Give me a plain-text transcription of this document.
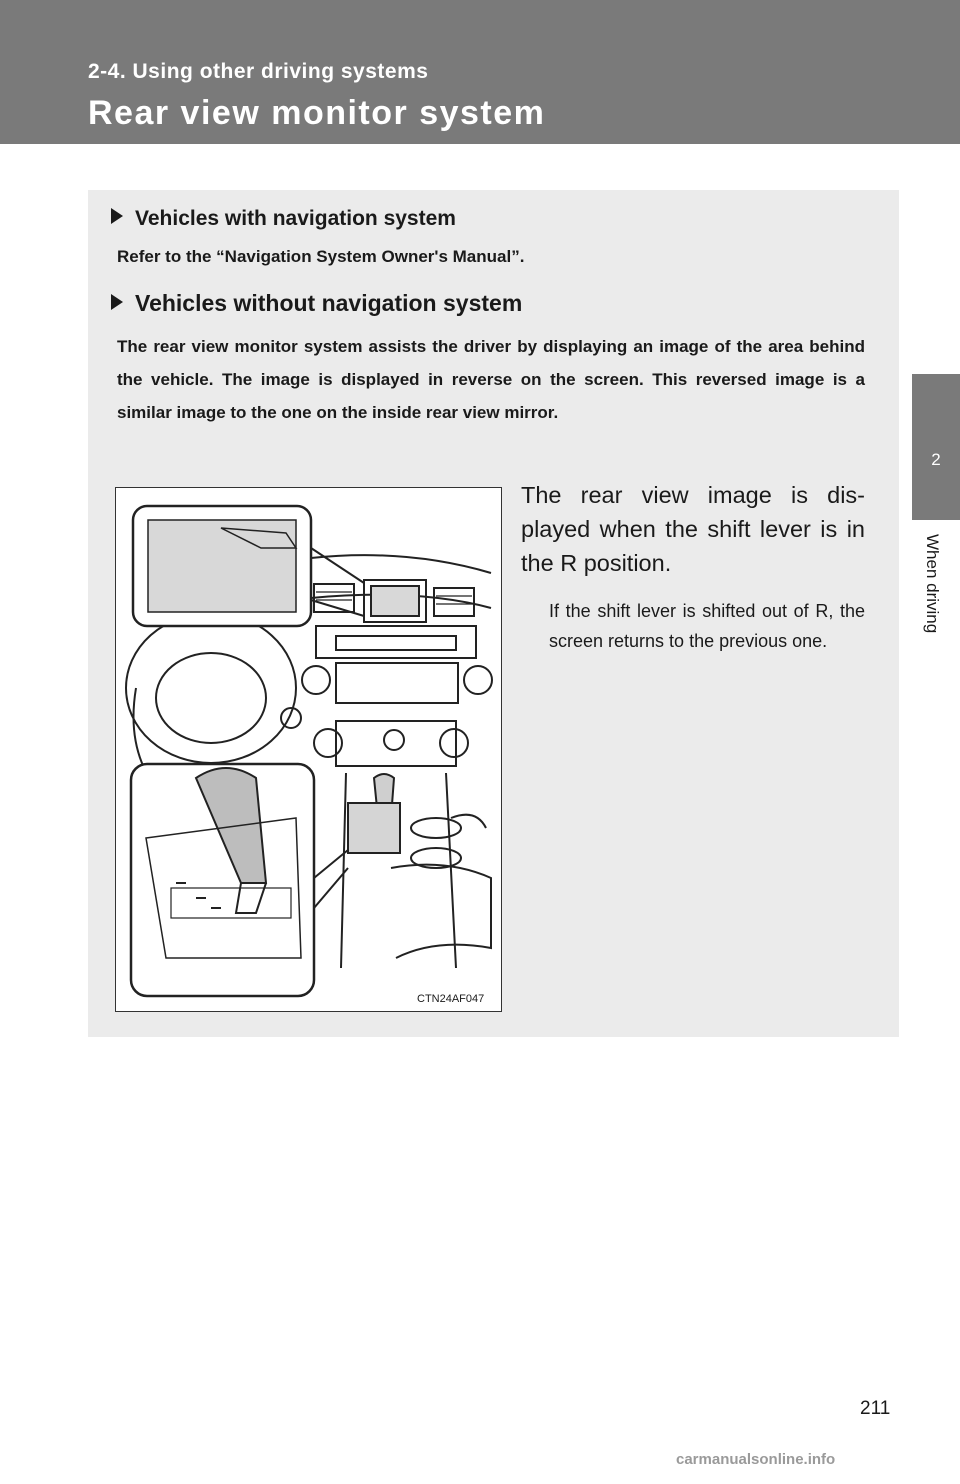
2-4. Using other driving systems
Rear view monitor system
2
When driving
Vehicles with navigation system
Refer to the “Navigation System Owner's Manual”.
Vehicles without navigation system
The rear view monitor system assists the driver by displaying an image of the area behind the vehicle. The image is displayed in reverse on the screen. This reversed image is a similar image to the one on the inside rear view mirror.
CTN24AF047
The rear view image is dis-played when the shift lever is in the R position.
If the shift lever is shifted out of R, the screen returns to the previous one.
211
carmanualsonline.info
